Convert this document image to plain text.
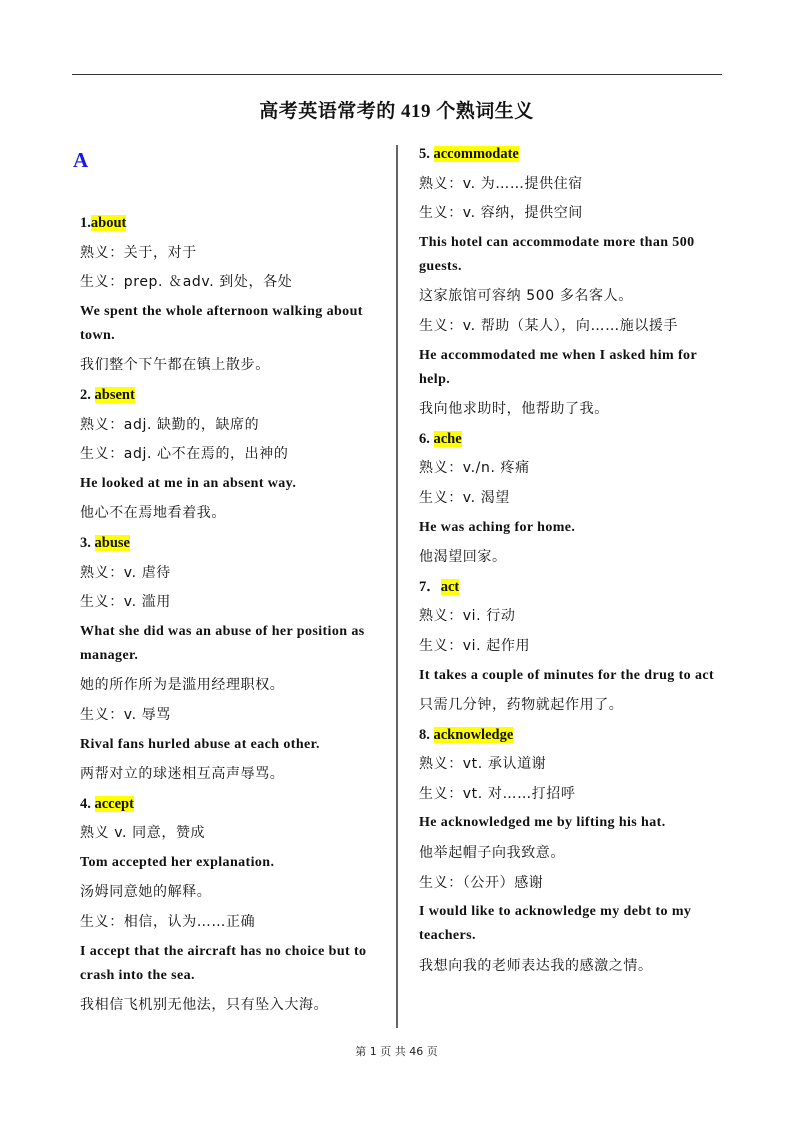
高考英语常考的 419 个熟词生义
A
1.about
熟义：关于，对于
生义：prep. ＆adv. 到处，各处
We spent the whole afternoon walking about town.
我们整个下午都在镇上散步。
2. absent
熟义：adj. 缺勤的，缺席的
生义：adj. 心不在焉的，出神的
He looked at me in an absent way.
他心不在焉地看着我。
3. abuse
熟义：v. 虐待
生义：v. 滥用
What she did was an abuse of her position as manager.
她的所作所为是滥用经理职权。
生义：v. 辱骂
Rival fans hurled abuse at each other.
两帮对立的球迷相互高声辱骂。
4. accept
熟义 v. 同意，赞成
Tom accepted her explanation.
汤姆同意她的解释。
生义：相信，认为……正确
I accept that the aircraft has no choice but to crash into the sea.
我相信飞机别无他法，只有坠入大海。
5. accommodate
熟义：v. 为……提供住宿
生义：v. 容纳，提供空间
This hotel can accommodate more than 500 guests.
这家旅馆可容纳 500 多名客人。
生义：v. 帮助（某人），向……施以援手
He accommodated me when I asked him for help.
我向他求助时，他帮助了我。
6. ache
熟义：v./n. 疼痛
生义：v. 渴望
He was aching for home.
他渴望回家。
7．act
熟义：vi. 行动
生义：vi. 起作用
It takes a couple of minutes for the drug to act
只需几分钟，药物就起作用了。
8. acknowledge
熟义：vt. 承认道谢
生义：vt. 对……打招呼
He acknowledged me by lifting his hat.
他举起帽子向我致意。
生义：（公开）感谢
I would like to acknowledge my debt to my teachers.
我想向我的老师表达我的感激之情。
第 1 页 共 46 页
